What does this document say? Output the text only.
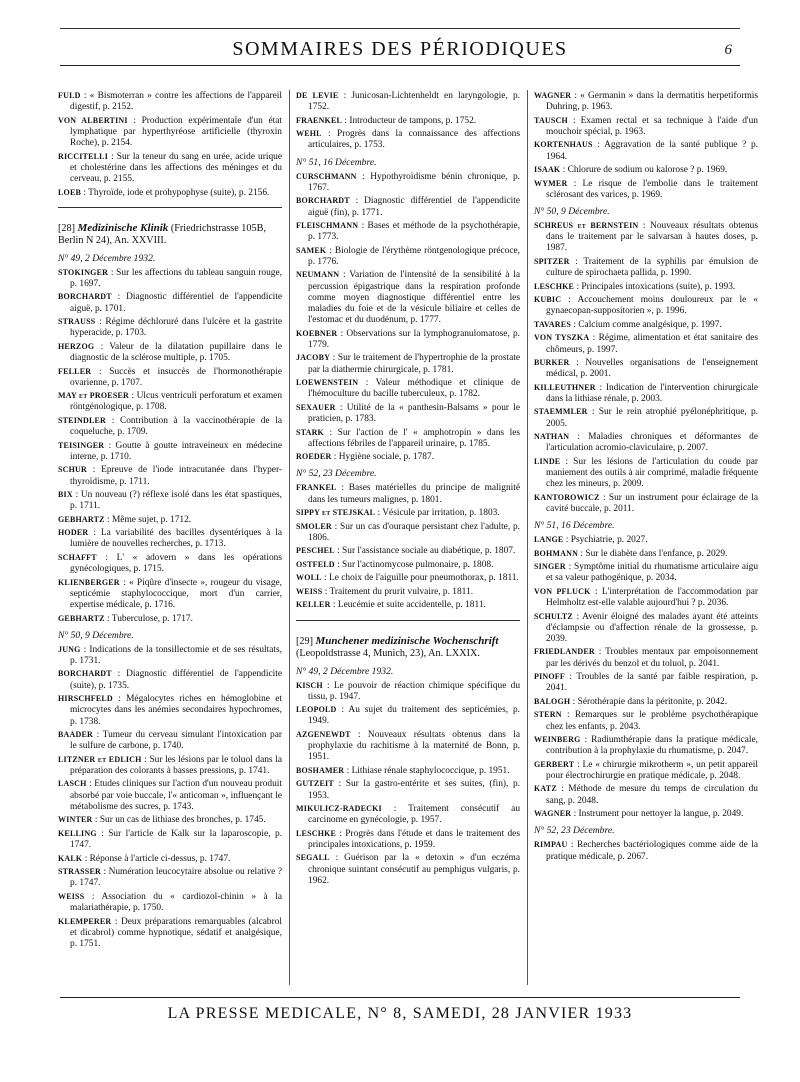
SOMMAIRES DES PÉRIODIQUES	6

FULD : « Bismoterran » contre les affections de l'appareil digestif, p. 2152.

VON ALBERTINI : Production expérimentale d'un état lymphatique par hyperthyréose artificielle (thyroxin Roche), p. 2154.

RICCITELLI : Sur la teneur du sang en urée, acide urique et cholestérine dans les affections des méninges et du cerveau, p. 2155.

LOEB : Thyroïde, iode et prohypophyse (suite), p. 2156.

[28] Medizinische Klinik (Friedrichstrasse 105B, Berlin N 24), An. XXVIII.
N° 49, 2 Décembre 1932.

STOKINGER : Sur les affections du tableau sanguin rouge, p. 1697.

BORCHARDT : Diagnostic différentiel de l'appendicite aiguë, p. 1701.

STRAUSS : Régime déchloruré dans l'ulcère et la gastrite hyperacide, p. 1703.

HERZOG : Valeur de la dilatation pupillaire dans le diagnostic de la sclérose multiple, p. 1705.

FELLER : Succès et insuccès de l'hormonothérapie ovarienne, p. 1707.

MAY et PROESER : Ulcus ventriculi perforatum et examen röntgénologique, p. 1708.

STEINDLER : Contribution à la vaccinothérapie de la coqueluche, p. 1709.

TEISINGER : Goutte à goutte intraveineux en médecine interne, p. 1710.

SCHUR : Epreuve de l'iode intracutanée dans l'hyper-thyroïdisme, p. 1711.

BIX : Un nouveau (?) réflexe isolé dans les état spastiques, p. 1711.

GEBHARTZ : Même sujet, p. 1712.

HODER : La variabilité des bacilles dysentériques à la lumière de nouvelles recherches, p. 1713.

SCHAFFT : L' « adovern » dans les opérations gynécologiques, p. 1715.

KLIENBERGER : « Piqûre d'insecte », rougeur du visage, septicémie staphylococcique, mort d'un carrier, expertise médicale, p. 1716.

GEBHARTZ : Tuberculose, p. 1717.

N° 50, 9 Décembre.

JUNG : Indications de la tonsillectomie et de ses résultats, p. 1731.

BORCHARDT : Diagnostic différentiel de l'appendicite (suite), p. 1735.

HIRSCHFELD : Mégalocytes riches en hémoglobine et microcytes dans les anémies secondaires hypochromes, p. 1738.

BAADER : Tumeur du cerveau simulant l'intoxication par le sulfure de carbone, p. 1740.

LITZNER et EDLICH : Sur les lésions par le toluol dans la préparation des colorants à basses pressions, p. 1741.

LASCH : Etudes cliniques sur l'action d'un nouveau produit absorbé par voie buccale, l'« anticoman », influençant le métabolisme des sucres, p. 1743.

WINTER : Sur un cas de lithiase des bronches, p. 1745.

KELLING : Sur l'article de Kalk sur la laparoscopie, p. 1747.

KALK : Réponse à l'article ci-dessus, p. 1747.

STRASSER : Numération leucocytaire absolue ou relative ? p. 1747.

WEISS : Association du « cardiozol-chinin » à la malariathérapie, p. 1750.

KLEMPERER : Deux préparations remarquables (alcabrol et dicabrol) comme hypnotique, sédatif et analgésique, p. 1751.

DE LEVIE : Junicosan-Lichtenheldt en laryngologie, p. 1752.

FRAENKEL : Introducteur de tampons, p. 1752.

WEHL : Progrès dans la connaissance des affections articulaires, p. 1753.

N° 51, 16 Décembre.

CURSCHMANN : Hypothyroïdisme bénin chronique, p. 1767.

BORCHARDT : Diagnostic différentiel de l'appendicite aiguë (fin), p. 1771.

FLEISCHMANN : Bases et méthode de la psychothérapie, p. 1773.

SAMEK : Biologie de l'érythème röntgenologique précoce, p. 1776.

NEUMANN : Variation de l'intensité de la sensibilité à la percussion épigastrique dans la respiration profonde comme moyen diagnostique différentiel entre les maladies du foie et de la vésicule biliaire et celles de l'estomac et du duodénum, p. 1777.

KOEBNER : Observations sur la lymphogranulomatose, p. 1779.

JACOBY : Sur le traitement de l'hypertrophie de la prostate par la diathermie chirurgicale, p. 1781.

LOEWENSTEIN : Valeur méthodique et clinique de l'hémoculture du bacille tuberculeux, p. 1782.

SEXAUER : Utilité de la « panthesin-Balsams » pour le praticien, p. 1783.

STARK : Sur l'action de l' « amphotropin » dans les affections fébriles de l'appareil urinaire, p. 1785.

ROEDER : Hygiène sociale, p. 1787.

N° 52, 23 Décembre.

FRANKEL : Bases matérielles du principe de malignité dans les tumeurs malignes, p. 1801.

SIPPY et STEJSKAL : Vésicule par irritation, p. 1803.

SMOLER : Sur un cas d'ouraque persistant chez l'adulte, p. 1806.

PESCHEL : Sur l'assistance sociale au diabétique, p. 1807.

OSTFELD : Sur l'actinomycose pulmonaire, p. 1808.

WOLL : Le choix de l'aiguille pour pneumothorax, p. 1811.

WEISS : Traitement du prurit vulvaire, p. 1811.

KELLER : Leucémie et suite accidentelle, p. 1811.

[29] Munchener medizinische Wochenschrift (Leopoldstrasse 4, Munich, 23), An. LXXIX.
N° 49, 2 Décembre 1932.

KISCH : Le pouvoir de réaction chimique spécifique du tissu, p. 1947.

LEOPOLD : Au sujet du traitement des septicémies, p. 1949.

AZGENEWDT : Nouveaux résultats obtenus dans la prophylaxie du rachitisme à la maternité de Bonn, p. 1951.

BOSHAMER : Lithiase rénale staphylococcique, p. 1951.

GUTZEIT : Sur la gastro-entérite et ses suites, (fin), p. 1953.

MIKULICZ-RADECKI : Traitement consécutif au carcinome en gynécologie, p. 1957.

LESCHKE : Progrès dans l'étude et dans le traitement des principales intoxications, p. 1959.

SEGALL : Guérison par la « detoxin » d'un eczéma chronique suintant consécutif au pemphigus vulgaris, p. 1962.

WAGNER : « Germanin » dans la dermatitis herpetiformis Duhring, p. 1963.

TAUSCH : Examen rectal et sa technique à l'aide d'un mouchoir spécial, p. 1963.

KORTENHAUS : Aggravation de la santé publique ? p. 1964.

ISAAK : Chlorure de sodium ou kalorose ? p. 1969.

WYMER : Le risque de l'embolie dans le traitement sclérosant des varices, p. 1969.

N° 50, 9 Décembre.

SCHREUS et BERNSTEIN : Nouveaux résultats obtenus dans le traitement par le salvarsan à hautes doses, p. 1987.

SPITZER : Traitement de la syphilis par émulsion de culture de spirochaeta pallida, p. 1990.

LESCHKE : Principales intoxications (suite), p. 1993.

KUBIC : Accouchement moins douloureux par le « gynaecopan-suppositorien », p. 1996.

TAVARES : Calcium comme analgésique, p. 1997.

VON TYSZKA : Régime, alimentation et état sanitaire des chômeurs, p. 1997.

BURKER : Nouvelles organisations de l'enseignement médical, p. 2001.

KILLEUTHNER : Indication de l'intervention chirurgicale dans la lithiase rénale, p. 2003.

STAEMMLER : Sur le rein atrophié pyélonéphritique, p. 2005.

NATHAN : Maladies chroniques et déformantes de l'articulation acromio-claviculaire, p. 2007.

LINDE : Sur les lésions de l'articulation du coude par maniement des outils à air comprimé, maladie fréquente chez les mineurs, p. 2009.

KANTOROWICZ : Sur un instrument pour éclairage de la cavité buccale, p. 2011.

N° 51, 16 Décembre.

LANGE : Psychiatrie, p. 2027.

BOHMANN : Sur le diabète dans l'enfance, p. 2029.

SINGER : Symptôme initial du rhumatisme articulaire aigu et sa valeur pathogénique, p. 2034.

VON PFLUCK : L'interprétation de l'accommodation par Helmholtz est-elle valable aujourd'hui ? p. 2036.

SCHULTZ : Avenir éloigné des malades ayant été atteints d'éclampsie ou d'affection rénale de la grossesse, p. 2039.

FRIEDLANDER : Troubles mentaux par empoisonnement par les dérivés du benzol et du toluol, p. 2041.

PINOFF : Troubles de la santé par faible respiration, p. 2041.

BALOGH : Sérothérapie dans la péritonite, p. 2042.

STERN : Remarques sur le problème psychothérapique chez les enfants, p. 2043.

WEINBERG : Radiumthérapie dans la pratique médicale, contribution à la prophylaxie du rhumatisme, p. 2047.

GERBERT : Le « chirurgie mikrotherm », un petit appareil pour électrochirurgie en pratique médicale, p. 2048.

KATZ : Méthode de mesure du temps de circulation du sang, p. 2048.

WAGNER : Instrument pour nettoyer la langue, p. 2049.

N° 52, 23 Décembre.

RIMPAU : Recherches bactériologiques comme aide de la pratique médicale, p. 2067.

LA PRESSE MEDICALE, N° 8, SAMEDI, 28 JANVIER 1933
